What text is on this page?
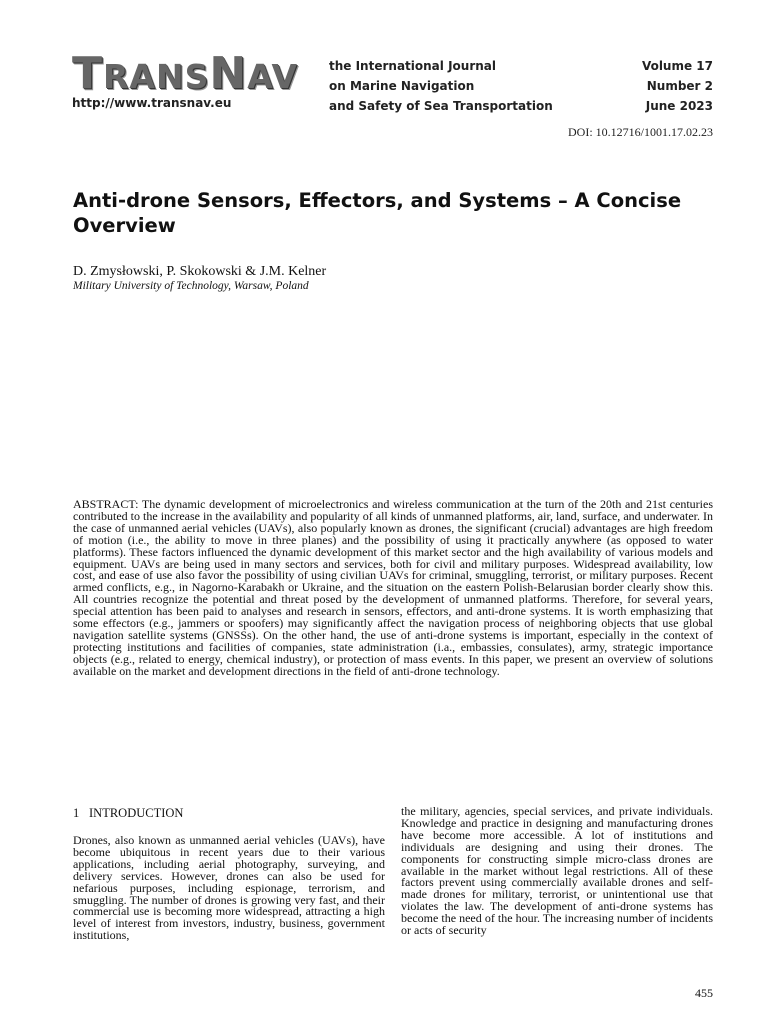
TRANSNAV
http://www.transnav.eu
the International Journal
on Marine Navigation
and Safety of Sea Transportation
Volume 17
Number 2
June 2023
DOI: 10.12716/1001.17.02.23
Anti-drone Sensors, Effectors, and Systems – A Concise Overview
D. Zmysłowski, P. Skokowski & J.M. Kelner
Military University of Technology, Warsaw, Poland

ABSTRACT: The dynamic development of microelectronics and wireless communication at the turn of the 20th and 21st centuries contributed to the increase in the availability and popularity of all kinds of unmanned platforms, air, land, surface, and underwater. In the case of unmanned aerial vehicles (UAVs), also popularly known as drones, the significant (crucial) advantages are high freedom of motion (i.e., the ability to move in three planes) and the possibility of using it practically anywhere (as opposed to water platforms). These factors influenced the dynamic development of this market sector and the high availability of various models and equipment. UAVs are being used in many sectors and services, both for civil and military purposes. Widespread availability, low cost, and ease of use also favor the possibility of using civilian UAVs for criminal, smuggling, terrorist, or military purposes. Recent armed conflicts, e.g., in Nagorno-Karabakh or Ukraine, and the situation on the eastern Polish-Belarusian border clearly show this. All countries recognize the potential and threat posed by the development of unmanned platforms. Therefore, for several years, special attention has been paid to analyses and research in sensors, effectors, and anti-drone systems. It is worth emphasizing that some effectors (e.g., jammers or spoofers) may significantly affect the navigation process of neighboring objects that use global navigation satellite systems (GNSSs). On the other hand, the use of anti-drone systems is important, especially in the context of protecting institutions and facilities of companies, state administration (i.a., embassies, consulates), army, strategic importance objects (e.g., related to energy, chemical industry), or protection of mass events. In this paper, we present an overview of solutions available on the market and development directions in the field of anti-drone technology.

1 INTRODUCTION

Drones, also known as unmanned aerial vehicles (UAVs), have become ubiquitous in recent years due to their various applications, including aerial photography, surveying, and delivery services. However, drones can also be used for nefarious purposes, including espionage, terrorism, and smuggling. The number of drones is growing very fast, and their commercial use is becoming more widespread, attracting a high level of interest from investors, industry, business, government institutions,

the military, agencies, special services, and private individuals. Knowledge and practice in designing and manufacturing drones have become more accessible. A lot of institutions and individuals are designing and using their drones. The components for constructing simple micro-class drones are available in the market without legal restrictions. All of these factors prevent using commercially available drones and self-made drones for military, terrorist, or unintentional use that violates the law. The development of anti-drone systems has become the need of the hour. The increasing number of incidents or acts of security

455
